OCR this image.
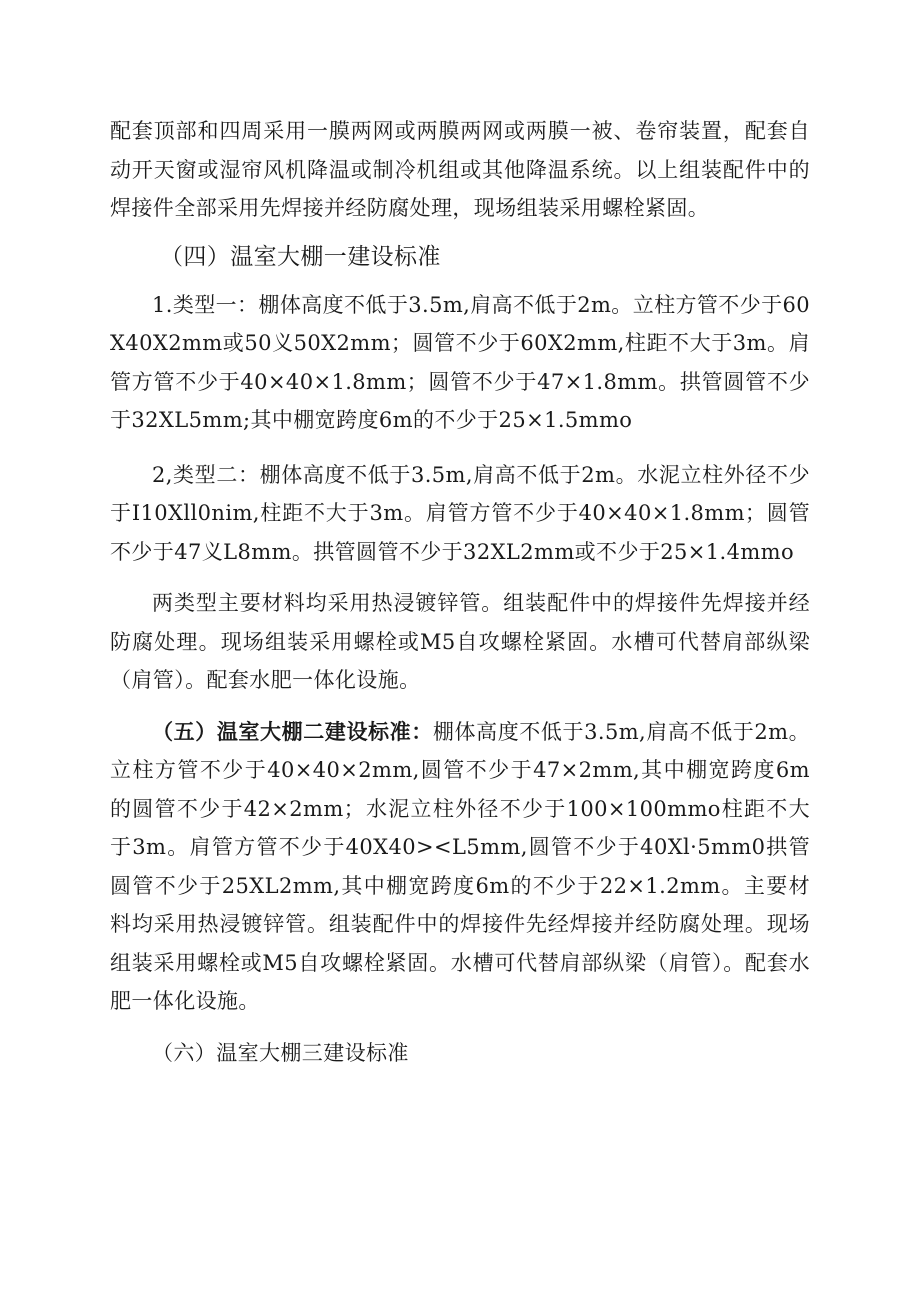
配套顶部和四周采用一膜两网或两膜两网或两膜一被、卷帘装置，配套自动开天窗或湿帘风机降温或制冷机组或其他降温系统。以上组装配件中的焊接件全部采用先焊接并经防腐处理，现场组装采用螺栓紧固。

（四）温室大棚一建设标准

1.类型一：棚体高度不低于3.5m,肩高不低于2m。立柱方管不少于60X40X2mm或50义50X2mm；圆管不少于60X2mm,柱距不大于3m。肩管方管不少于40×40×1.8mm；圆管不少于47×1.8mm。拱管圆管不少于32XL5mm;其中棚宽跨度6m的不少于25×1.5mmo

2,类型二：棚体高度不低于3.5m,肩高不低于2m。水泥立柱外径不少于I10Xll0nim,柱距不大于3m。肩管方管不少于40×40×1.8mm；圆管不少于47义L8mm。拱管圆管不少于32XL2mm或不少于25×1.4mmo

两类型主要材料均采用热浸镀锌管。组装配件中的焊接件先焊接并经防腐处理。现场组装采用螺栓或M5自攻螺栓紧固。水槽可代替肩部纵梁（肩管）。配套水肥一体化设施。

（五）温室大棚二建设标准：棚体高度不低于3.5m,肩高不低于2m。立柱方管不少于40×40×2mm,圆管不少于47×2mm,其中棚宽跨度6m的圆管不少于42×2mm；水泥立柱外径不少于100×100mmo柱距不大于3m。肩管方管不少于40X40><L5mm,圆管不少于40Xl·5mm0拱管圆管不少于25XL2mm,其中棚宽跨度6m的不少于22×1.2mm。主要材料均采用热浸镀锌管。组装配件中的焊接件先经焊接并经防腐处理。现场组装采用螺栓或M5自攻螺栓紧固。水槽可代替肩部纵梁（肩管）。配套水肥一体化设施。

（六）温室大棚三建设标准
